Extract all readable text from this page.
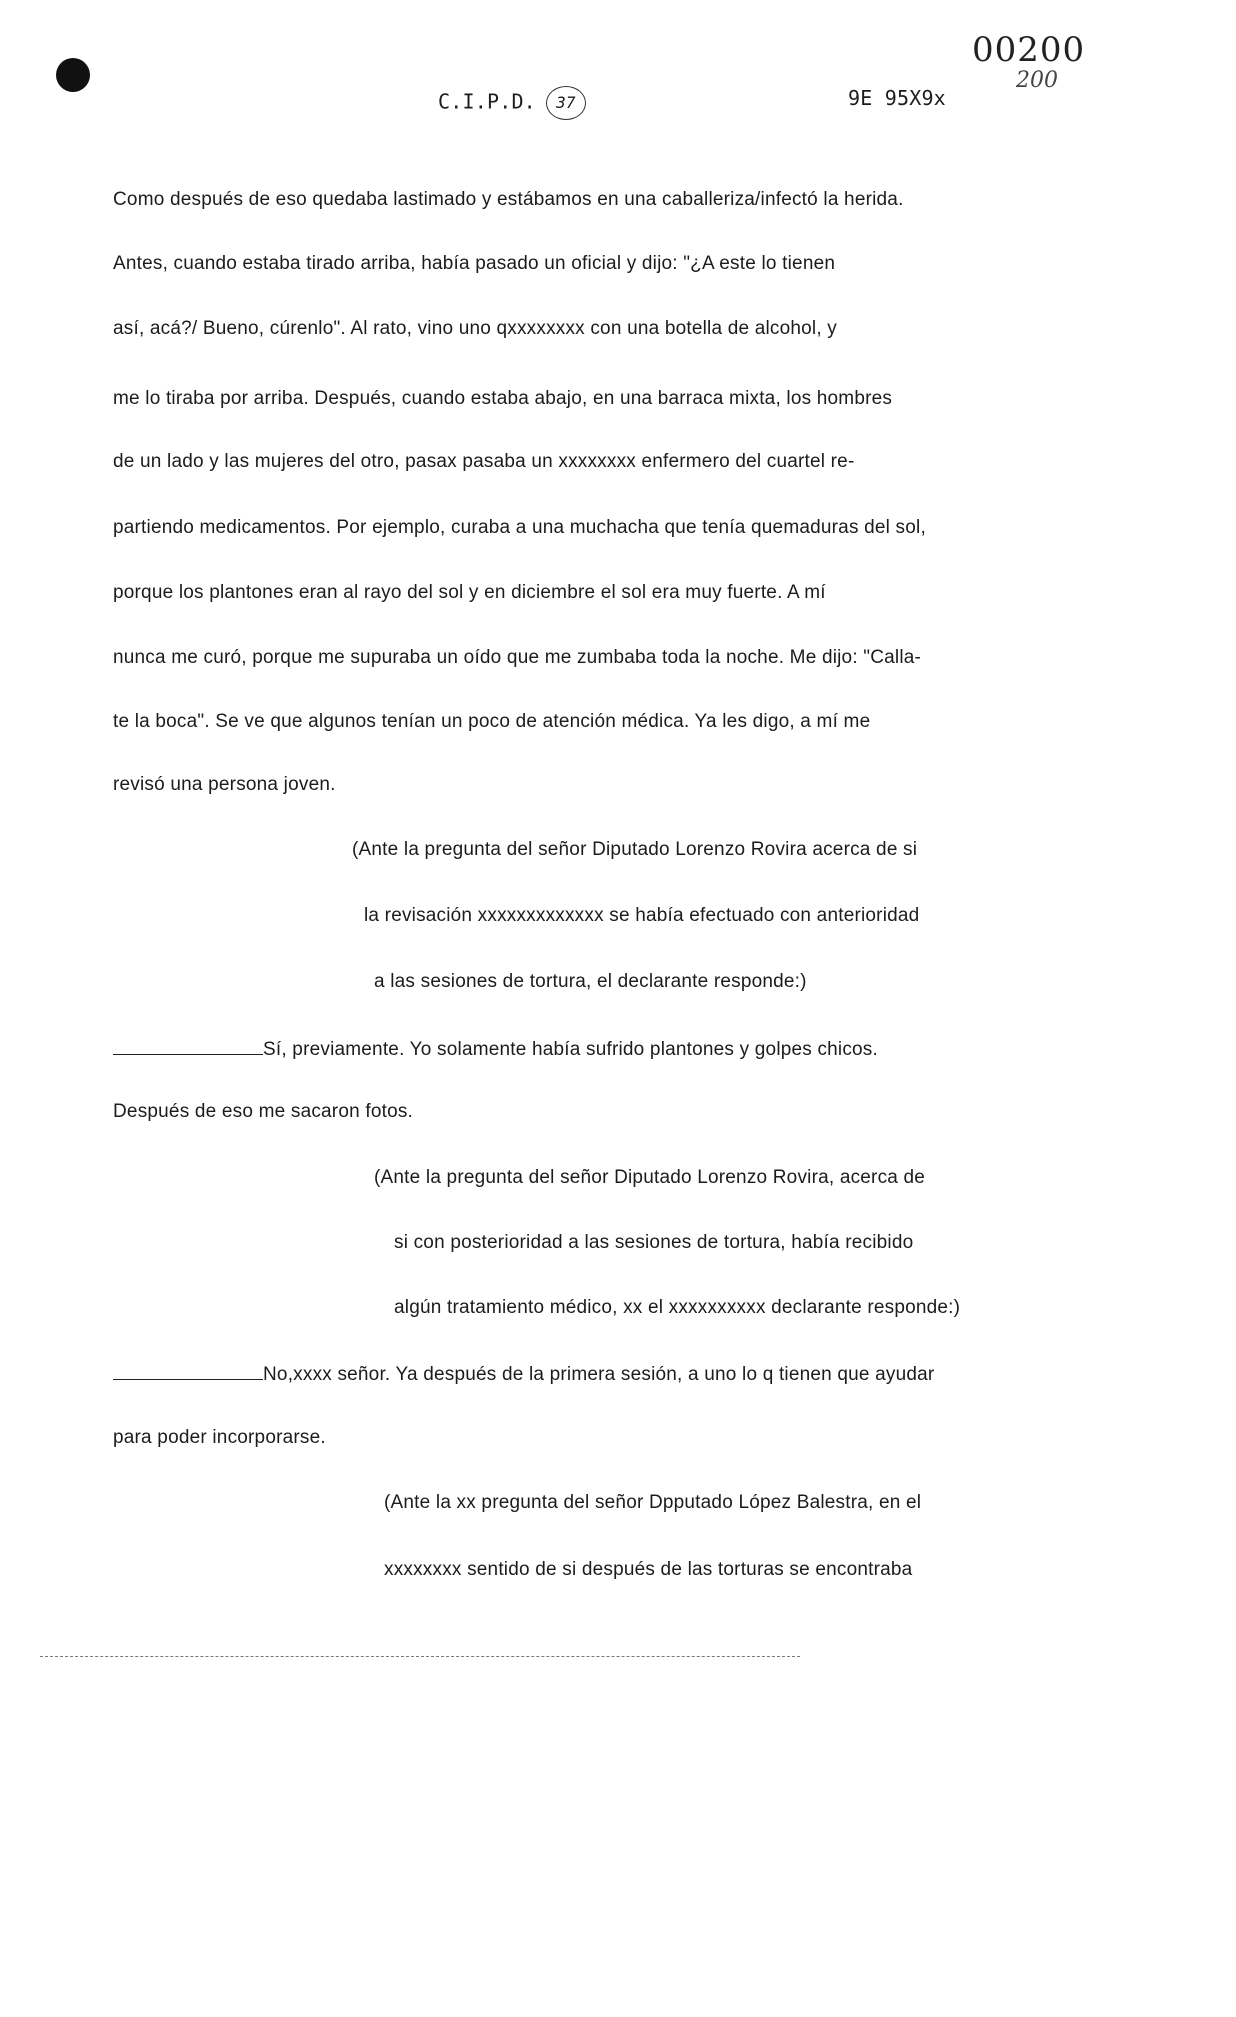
C.I.P.D. 37	9E 95X9x
00200
200
Como después de eso quedaba lastimado y estábamos en una caballeriza/infectó la herida.
Antes, cuando estaba tirado arriba, había pasado un oficial y dijo: "¿A este lo tienen
así, acá?/ Bueno, cúrenlo". Al rato, vino uno qxxxxxxxx con una botella de alcohol, y
me lo tiraba por arriba. Después, cuando estaba abajo, en una barraca mixta, los hombres
de un lado y las mujeres del otro, pasax pasaba un xxxxxxxx enfermero del cuartel re-
partiendo medicamentos. Por ejemplo, curaba a una muchacha que tenía quemaduras del sol,
porque los plantones eran al rayo del sol y en diciembre el sol era muy fuerte. A mí
nunca me curó, porque me supuraba un oído que me zumbaba toda la noche. Me dijo: "Calla-
te la boca". Se ve que algunos tenían un poco de atención médica. Ya les digo, a mí me
revisó una persona joven.
(Ante la pregunta del señor Diputado Lorenzo Rovira acerca de si
la revisación xxxxxxxxxxxxx se había efectuado con anterioridad
a las sesiones de tortura, el declarante responde:)
Sí, previamente. Yo solamente había sufrido plantones y golpes chicos.
Después de eso me sacaron fotos.
(Ante la pregunta del señor Diputado Lorenzo Rovira, acerca de
si con posterioridad a las sesiones de tortura, había recibido
algún tratamiento médico, xx el xxxxxxxxxx declarante responde:)
No,xxxx señor. Ya después de la primera sesión, a uno lo q tienen que ayudar
para poder incorporarse.
(Ante la xx pregunta del señor Dpputado López Balestra, en el
xxxxxxxx sentido de si después de las torturas se encontraba
